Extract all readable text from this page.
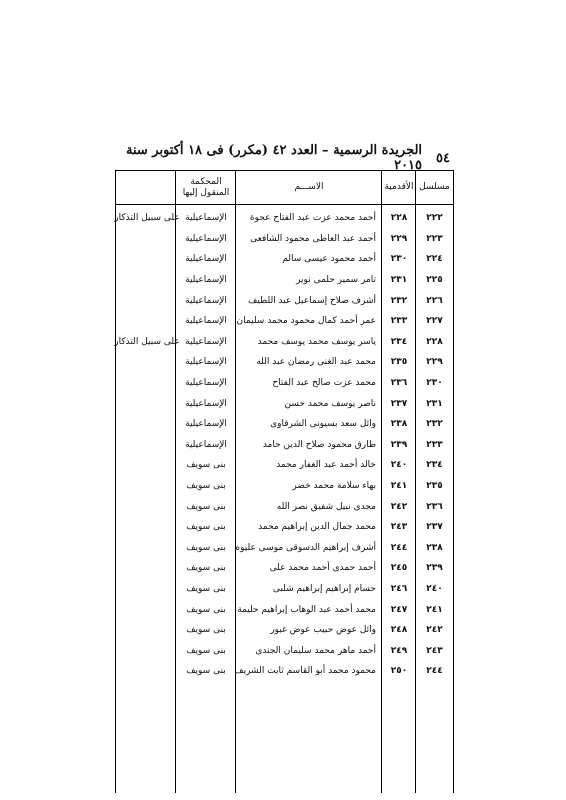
٥٤
الجريدة الرسمية – العدد ٤٢ (مكرر) فى ١٨ أكتوبر سنة ٢٠١٥
مسلسل
الأقدمية
الاســـم
المحكمة المنقول إليها
٢٢٢
٢٢٨
أحمد محمد عزت عبد الفتاح عجوة
الإسماعيلية
٢٢٣
٢٢٩
أحمد عبد العاطى محمود الشافعى
الإسماعيلية
٢٢٤
٢٣٠
أحمد محمود عيسى سالم
الإسماعيلية
٢٢٥
٢٣١
تامر سمير حلمى نوير
الإسماعيلية
٢٢٦
٢٣٢
أشرف صلاح إسماعيل عبد اللطيف
الإسماعيلية
٢٢٧
٢٣٣
عمر أحمد كمال محمود محمد سليمان
الإسماعيلية
٢٢٨
٢٣٤
ياسر يوسف محمد يوسف محمد
الإسماعيلية
٢٢٩
٢٣٥
محمد عبد الغنى رمضان عبد الله
الإسماعيلية
٢٣٠
٢٣٦
محمد عزت صالح عبد الفتاح
الإسماعيلية
٢٣١
٢٣٧
ناصر يوسف محمد حسن
الإسماعيلية
٢٣٢
٢٣٨
وائل سعد بسيونى الشرقاوى
الإسماعيلية
٢٣٣
٢٣٩
طارق محمود صلاح الدين حامد
الإسماعيلية
٢٣٤
٢٤٠
خالد أحمد عبد الغفار محمد
بنى سويف
٢٣٥
٢٤١
بهاء سلامة محمد خضر
بنى سويف
٢٣٦
٢٤٢
مجدى نبيل شفيق نصر الله
بنى سويف
٢٣٧
٢٤٣
محمد جمال الدين إبراهيم محمد
بنى سويف
٢٣٨
٢٤٤
أشرف إبراهيم الدسوقى موسى عليوه
بنى سويف
٢٣٩
٢٤٥
أحمد حمدى أحمد محمد على
بنى سويف
٢٤٠
٢٤٦
حسام إبراهيم إبراهيم شلبى
بنى سويف
٢٤١
٢٤٧
محمد أحمد عبد الوهاب إبراهيم حليمة
بنى سويف
٢٤٢
٢٤٨
وائل عوض حبيب عوض غبور
بنى سويف
٢٤٣
٢٤٩
أحمد ماهر محمد سليمان الجندى
بنى سويف
٢٤٤
٢٥٠
محمود محمد أبو القاسم ثابت الشريف
بنى سويف
على سبيل التذكار
على سبيل التذكار
